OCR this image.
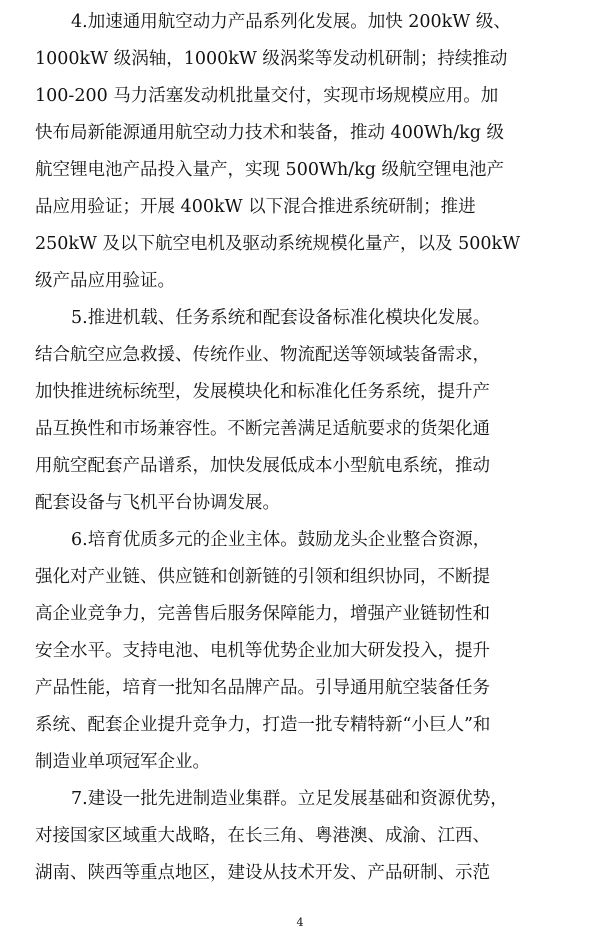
4.加速通用航空动力产品系列化发展。加快 200kW 级、
1000kW 级涡轴，1000kW 级涡桨等发动机研制；持续推动
100-200 马力活塞发动机批量交付，实现市场规模应用。加
快布局新能源通用航空动力技术和装备，推动 400Wh/kg 级
航空锂电池产品投入量产，实现 500Wh/kg 级航空锂电池产
品应用验证；开展 400kW 以下混合推进系统研制；推进
250kW 及以下航空电机及驱动系统规模化量产，以及 500kW
级产品应用验证。
5.推进机载、任务系统和配套设备标准化模块化发展。
结合航空应急救援、传统作业、物流配送等领域装备需求，
加快推进统标统型，发展模块化和标准化任务系统，提升产
品互换性和市场兼容性。不断完善满足适航要求的货架化通
用航空配套产品谱系，加快发展低成本小型航电系统，推动
配套设备与飞机平台协调发展。
6.培育优质多元的企业主体。鼓励龙头企业整合资源，
强化对产业链、供应链和创新链的引领和组织协同，不断提
高企业竞争力，完善售后服务保障能力，增强产业链韧性和
安全水平。支持电池、电机等优势企业加大研发投入，提升
产品性能，培育一批知名品牌产品。引导通用航空装备任务
系统、配套企业提升竞争力，打造一批专精特新“小巨人”和
制造业单项冠军企业。
7.建设一批先进制造业集群。立足发展基础和资源优势，
对接国家区域重大战略，在长三角、粤港澳、成渝、江西、
湖南、陕西等重点地区，建设从技术开发、产品研制、示范
4
